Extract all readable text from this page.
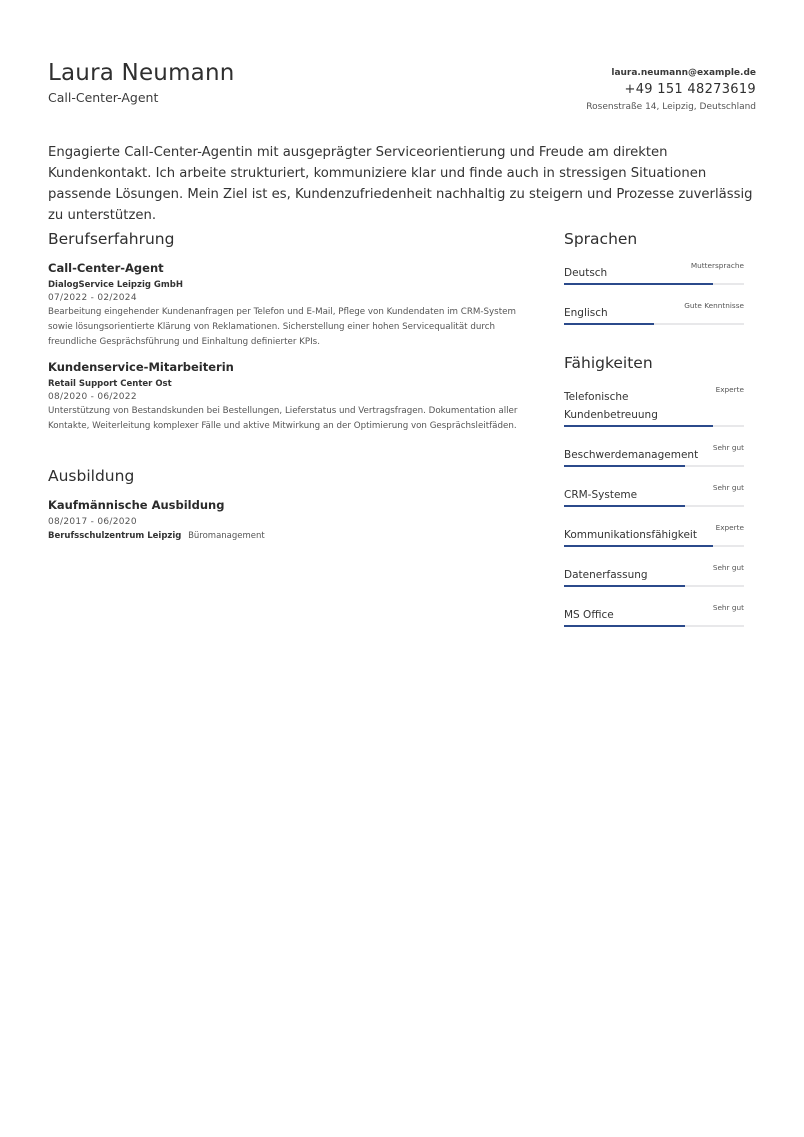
Laura Neumann
Call-Center-Agent
laura.neumann@example.de
+49 151 48273619
Rosenstraße 14, Leipzig, Deutschland
Engagierte Call-Center-Agentin mit ausgeprägter Serviceorientierung und Freude am direkten Kundenkontakt. Ich arbeite strukturiert, kommuniziere klar und finde auch in stressigen Situationen passende Lösungen. Mein Ziel ist es, Kundenzufriedenheit nachhaltig zu steigern und Prozesse zuverlässig zu unterstützen.
Berufserfahrung
Call-Center-Agent
DialogService Leipzig GmbH
07/2022 - 02/2024
Bearbeitung eingehender Kundenanfragen per Telefon und E-Mail, Pflege von Kundendaten im CRM-System sowie lösungsorientierte Klärung von Reklamationen. Sicherstellung einer hohen Servicequalität durch freundliche Gesprächsführung und Einhaltung definierter KPIs.
Kundenservice-Mitarbeiterin
Retail Support Center Ost
08/2020 - 06/2022
Unterstützung von Bestandskunden bei Bestellungen, Lieferstatus und Vertragsfragen. Dokumentation aller Kontakte, Weiterleitung komplexer Fälle und aktive Mitwirkung an der Optimierung von Gesprächsleitfäden.
Ausbildung
Kaufmännische Ausbildung
08/2017 - 06/2020
Berufsschulzentrum Leipzig Büromanagement
Sprachen
Deutsch
Muttersprache
Englisch
Gute Kenntnisse
Fähigkeiten
Telefonische Kundenbetreuung
Experte
Beschwerdemanagement
Sehr gut
CRM-Systeme
Sehr gut
Kommunikationsfähigkeit
Experte
Datenerfassung
Sehr gut
MS Office
Sehr gut
